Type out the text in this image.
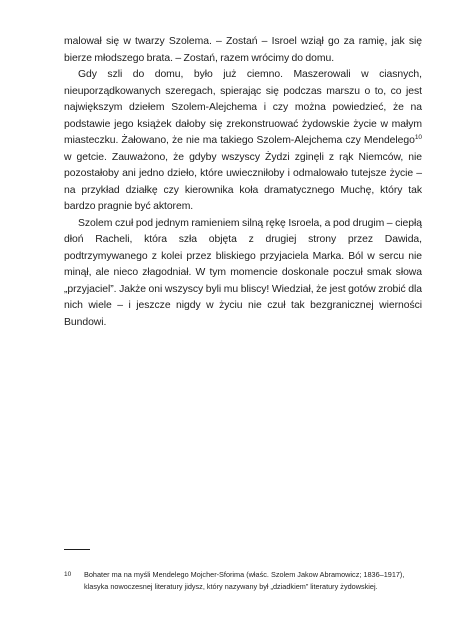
malował się w twarzy Szolema. – Zostań – Isroel wziął go za ramię, jak się bierze młodszego brata. – Zostań, razem wrócimy do domu.

Gdy szli do domu, było już ciemno. Maszerowali w ciasnych, nieuporządkowanych szeregach, spierając się podczas marszu o to, co jest największym dziełem Szolem-Alejchema i czy można powiedzieć, że na podstawie jego książek dałoby się zrekonstruować żydowskie życie w małym miasteczku. Żałowano, że nie ma takiego Szolem-Alejchema czy Mendelego$^{10}$ w getcie. Zauważono, że gdyby wszyscy Żydzi zginęli z rąk Niemców, nie pozostałoby ani jedno dzieło, które uwieczniłoby i odmalowało tutejsze życie – na przykład działkę czy kierownika koła dramatycznego Muchę, który tak bardzo pragnie być aktorem.

Szolem czuł pod jednym ramieniem silną rękę Isroela, a pod drugim – ciepłą dłoń Racheli, która szła objęta z drugiej strony przez Dawida, podtrzymywanego z kolei przez bliskiego przyjaciela Marka. Ból w sercu nie minął, ale nieco złagodniał. W tym momencie doskonale poczuł smak słowa „przyjaciel”. Jakże oni wszyscy byli mu bliscy! Wiedział, że jest gotów zrobić dla nich wiele – i jeszcze nigdy w życiu nie czuł tak bezgranicznej wierności Bundowi.

10 Bohater ma na myśli Mendelego Mojcher-Sforima (właśc. Szolem Jakow Abramowicz; 1836–1917), klasyka nowoczesnej literatury jidysz, który nazywany był „dziadkiem” literatury żydowskiej.
